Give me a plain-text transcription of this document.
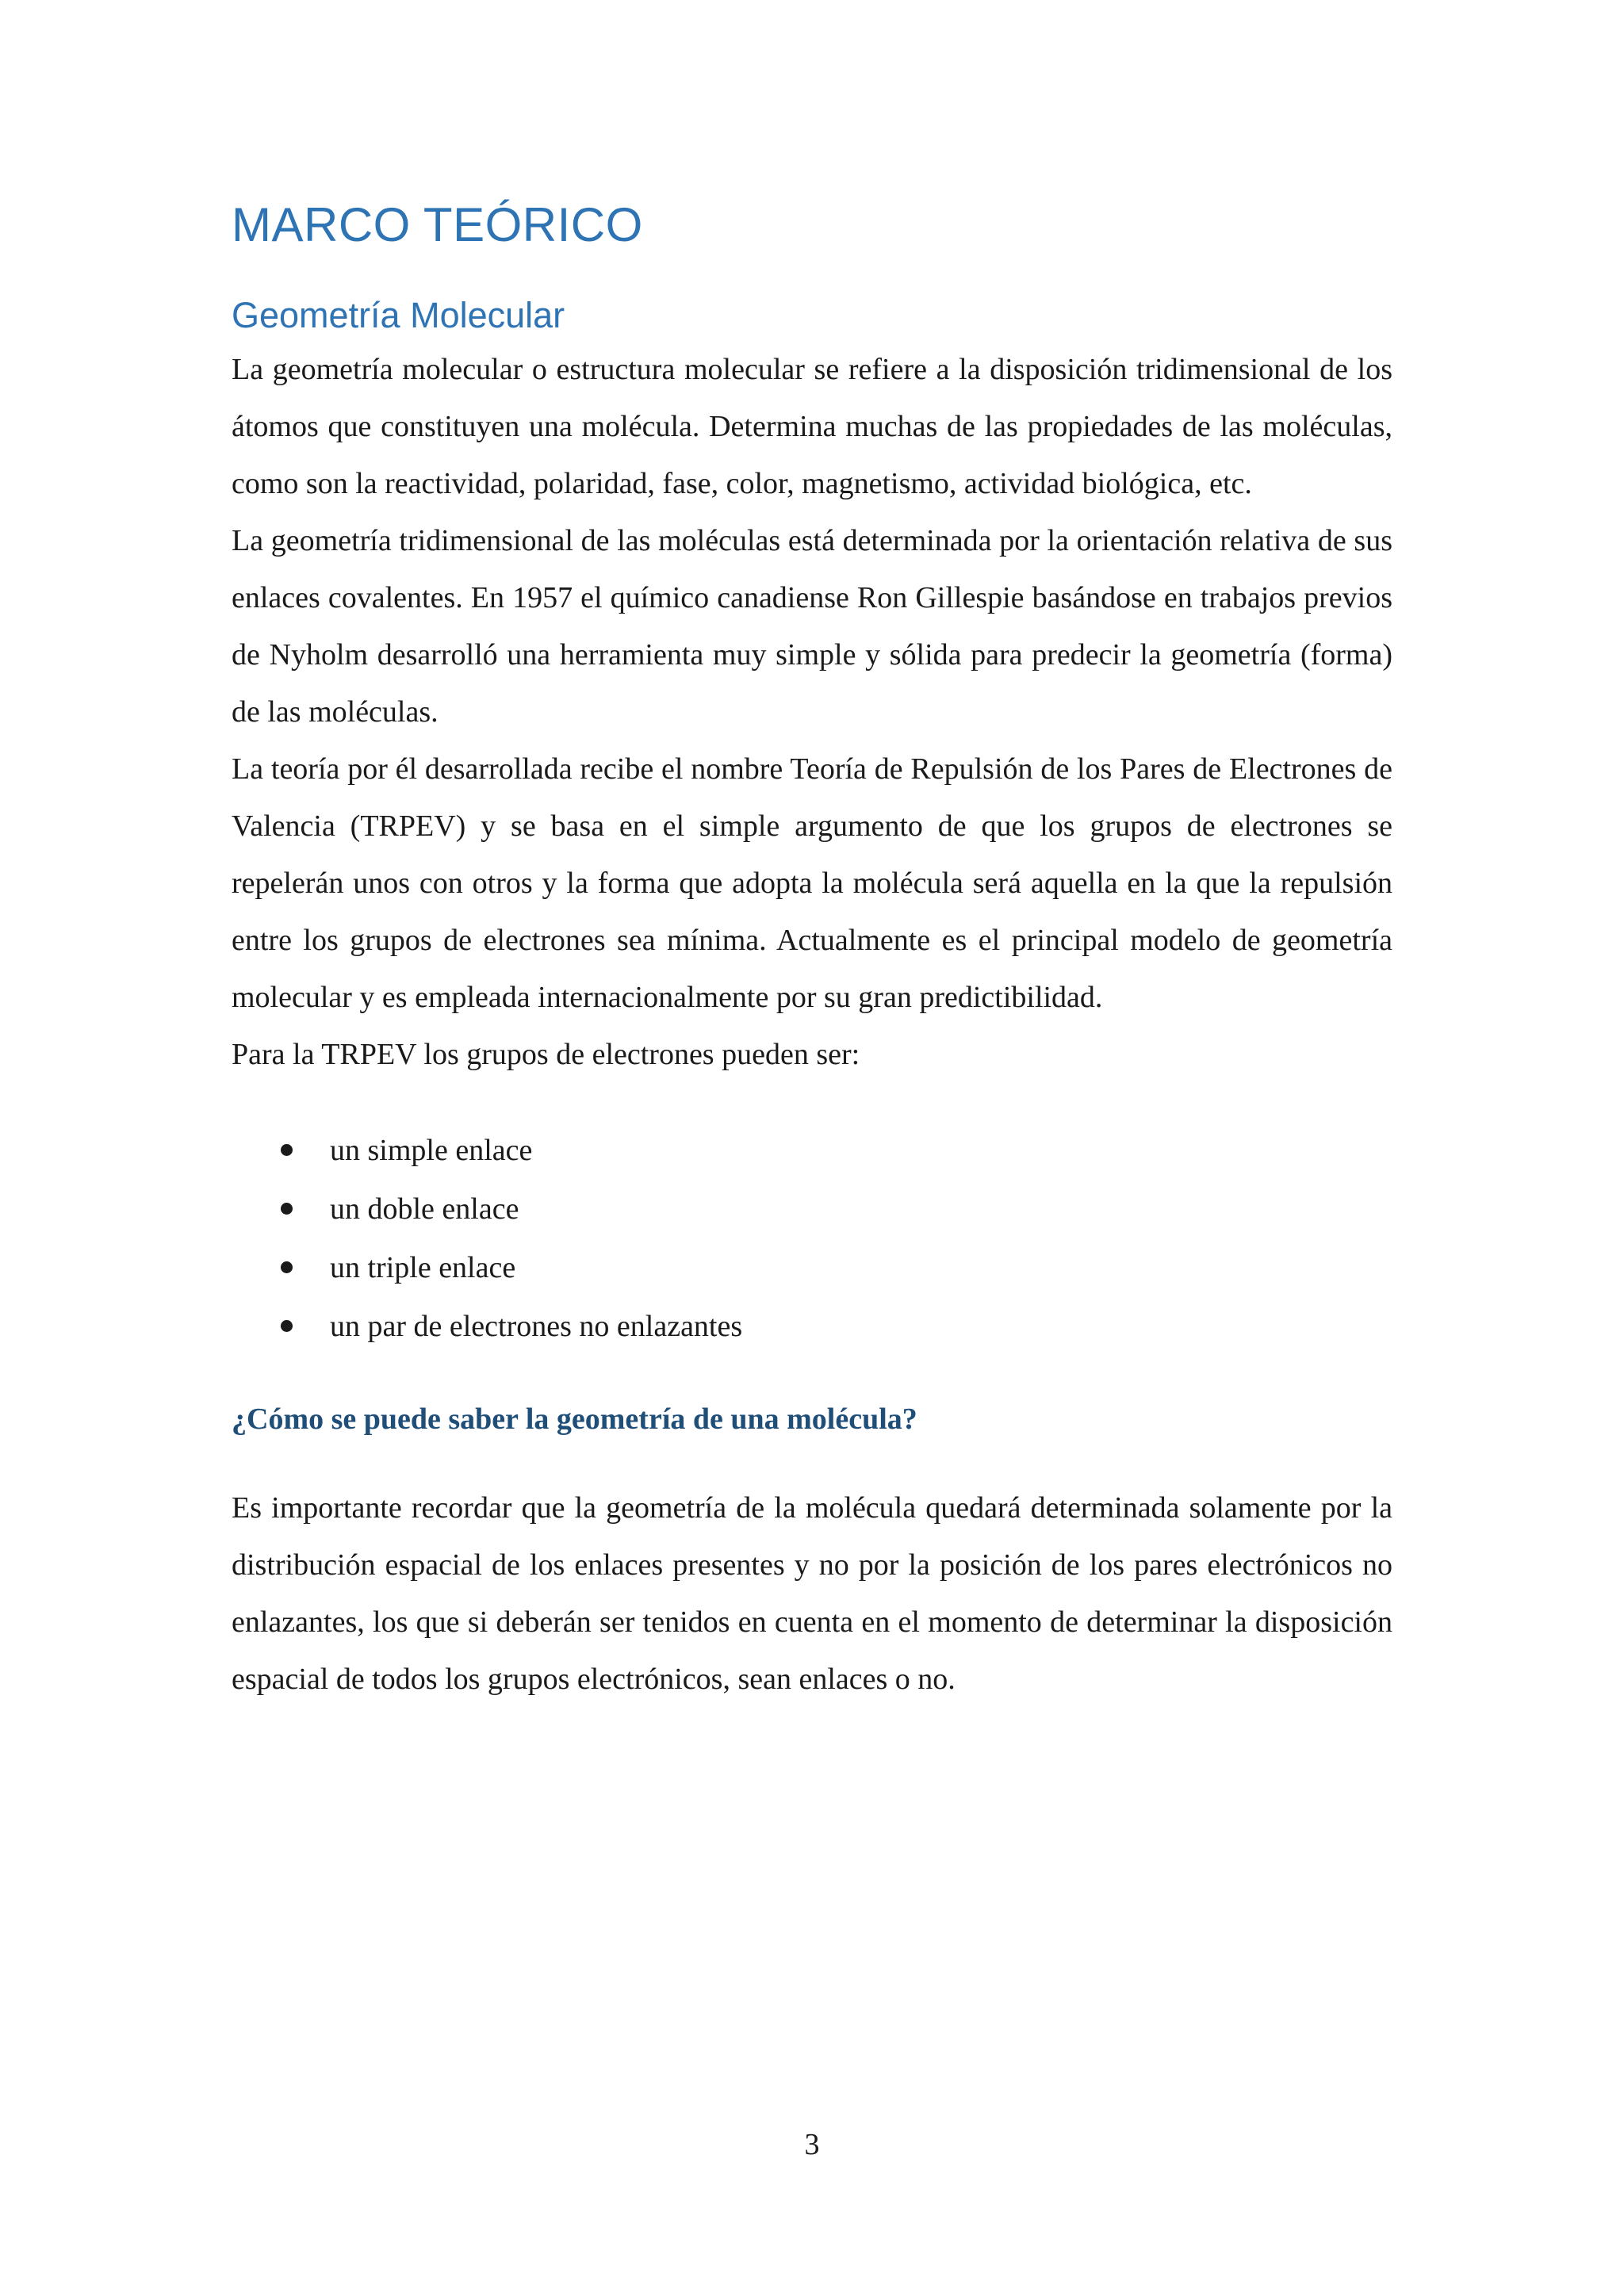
MARCO TEÓRICO
Geometría Molecular

La geometría molecular o estructura molecular se refiere a la disposición tridimensional de los átomos que constituyen una molécula. Determina muchas de las propiedades de las moléculas, como son la reactividad, polaridad, fase, color, magnetismo, actividad biológica, etc.

La geometría tridimensional de las moléculas está determinada por la orientación relativa de sus enlaces covalentes. En 1957 el químico canadiense Ron Gillespie basándose en trabajos previos de Nyholm desarrolló una herramienta muy simple y sólida para predecir la geometría (forma) de las moléculas.

La teoría por él desarrollada recibe el nombre Teoría de Repulsión de los Pares de Electrones de Valencia (TRPEV) y se basa en el simple argumento de que los grupos de electrones se repelerán unos con otros y la forma que adopta la molécula será aquella en la que la repulsión entre los grupos de electrones sea mínima. Actualmente es el principal modelo de geometría molecular y es empleada internacionalmente por su gran predictibilidad.

Para la TRPEV los grupos de electrones pueden ser:

un simple enlace
un doble enlace
un triple enlace
un par de electrones no enlazantes
¿Cómo se puede saber la geometría de una molécula?

Es importante recordar que la geometría de la molécula quedará determinada solamente por la distribución espacial de los enlaces presentes y no por la posición de los pares electrónicos no enlazantes, los que si deberán ser tenidos en cuenta en el momento de determinar la disposición espacial de todos los grupos electrónicos, sean enlaces o no.

3
